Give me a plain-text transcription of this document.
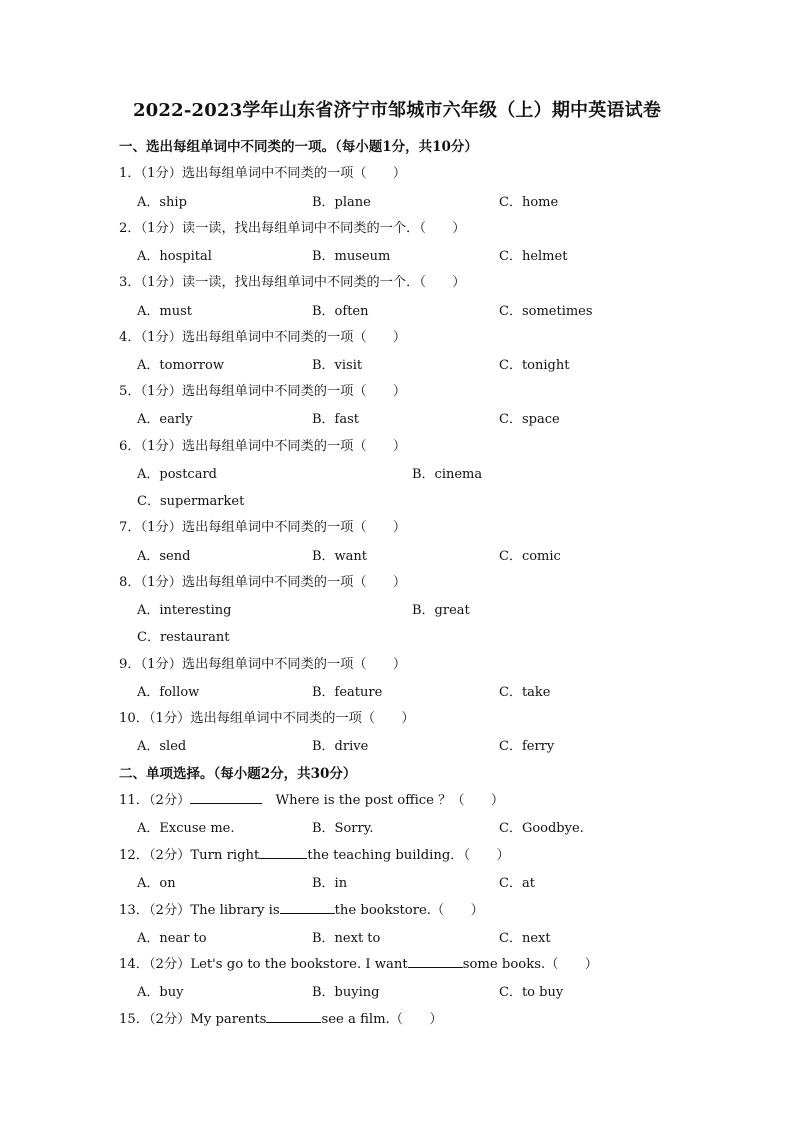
2022-2023学年山东省济宁市邹城市六年级（上）期中英语试卷
一、选出每组单词中不同类的一项。（每小题1分，共10分）
1．（1分）选出每组单词中不同类的一项（　　）
A．ship	B．plane	C．home
2．（1分）读一读，找出每组单词中不同类的一个．（　　）
A．hospital	B．museum	C．helmet
3．（1分）读一读，找出每组单词中不同类的一个．（　　）
A．must	B．often	C．sometimes
4．（1分）选出每组单词中不同类的一项（　　）
A．tomorrow	B．visit	C．tonight
5．（1分）选出每组单词中不同类的一项（　　）
A．early	B．fast	C．space
6．（1分）选出每组单词中不同类的一项（　　）
A．postcard	B．cinema
C．supermarket
7．（1分）选出每组单词中不同类的一项（　　）
A．send	B．want	C．comic
8．（1分）选出每组单词中不同类的一项（　　）
A．interesting	B．great
C．restaurant
9．（1分）选出每组单词中不同类的一项（　　）
A．follow	B．feature	C．take
10．（1分）选出每组单词中不同类的一项（　　）
A．sled	B．drive	C．ferry
二、单项选择。（每小题2分，共30分）
11．（2分）	　Where is the post office ？（　　）
A．Excuse me.	B．Sorry.	C．Goodbye.
12．（2分）Turn right	the teaching building．（　　）
A．on	B．in	C．at
13．（2分）The library is	the bookstore.（　　）
A．near to	B．next to	C．next
14．（2分）Let's go to the bookstore. I want	some books.（　　）
A．buy	B．buying	C．to buy
15．（2分）My parents	see a film.（　　）
